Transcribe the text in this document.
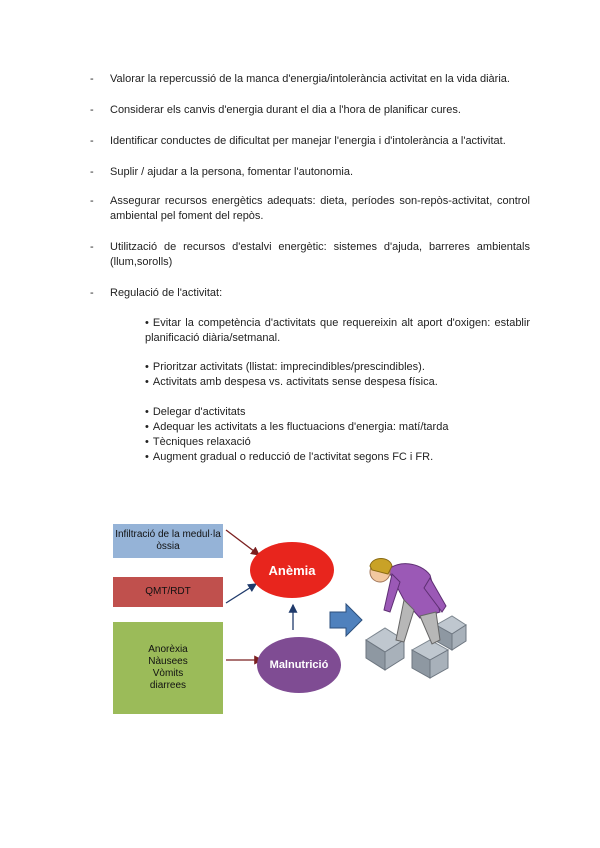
- Valorar la repercussió de la manca d'energia/intolerància activitat en la vida diària.
- Considerar els canvis d'energia durant el dia a l'hora de planificar cures.
- Identificar conductes de dificultat per manejar l'energia i d'intolerància a l'activitat.
- Suplir / ajudar a la persona, fomentar l'autonomia.
- Assegurar recursos energètics adequats: dieta, períodes son-repòs-activitat, control ambiental pel foment del repòs.
- Utilització de recursos d'estalvi energètic: sistemes d'ajuda, barreres ambientals (llum,sorolls)
- Regulació de l'activitat:
• Evitar la competència d'activitats que requereixin alt aport d'oxigen: establir planificació diària/setmanal.
• Prioritzar activitats (llistat: imprecindibles/prescindibles).
• Activitats amb despesa vs. activitats sense despesa física.
• Delegar d'activitats
• Adequar les activitats a les fluctuacions d'energia: matí/tarda
• Tècniques relaxació
• Augment gradual o reducció de l'activitat segons FC i FR.
Infiltració de la medul·la òssia
QMT/RDT
Anorèxia
Nàusees
Vòmits
diarrees
Anèmia
Malnutrició
